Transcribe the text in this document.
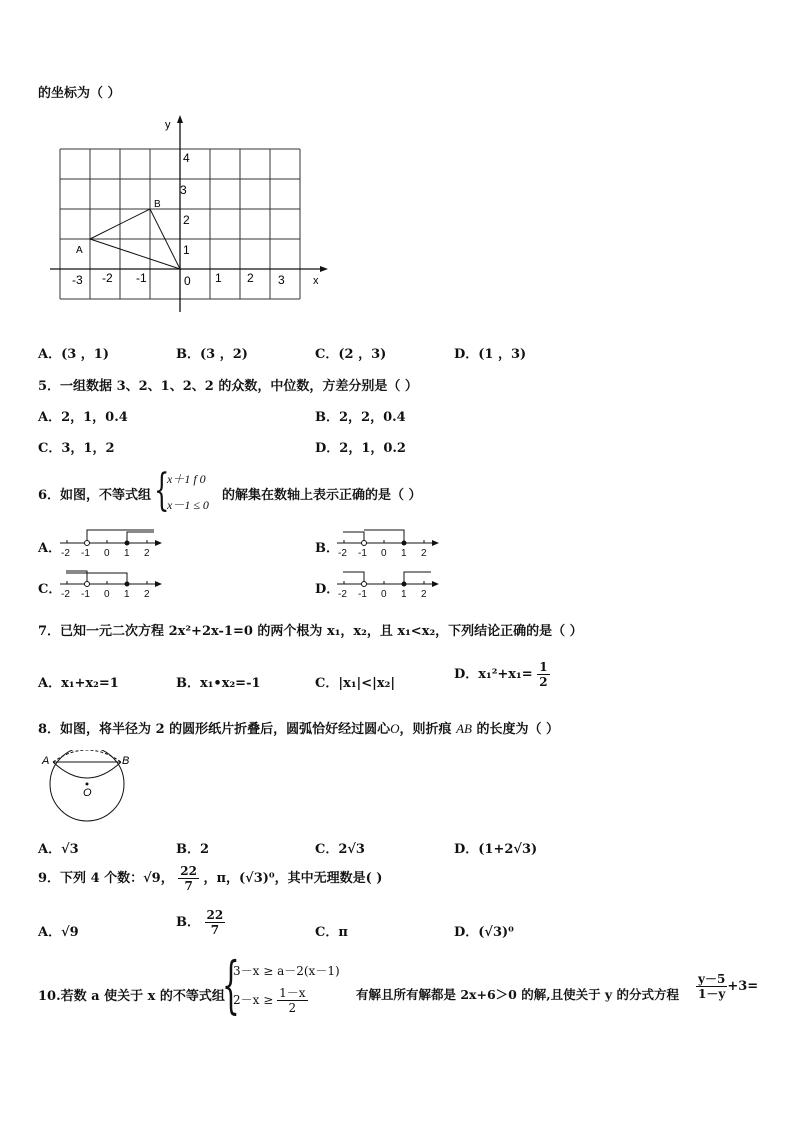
的坐标为（ ）
y
x
-3 -2 -1	0 1 2 3
1
2
3
4
A
B
A．(3 ，1)	B．(3 ，2)	C．(2 ，3)	D．(1 ，3)
5．一组数据 3、2、1、2、2 的众数，中位数，方差分别是（ ）
A．2，1，0.4	B．2，2，0.4
C．3，1，2	D．2，1，0.2
6．如图，不等式组 {
x＋1 f 0
x－1 ≤ 0
的解集在数轴上表示正确的是（ ）
A．	B．
C．	D．
-2 -1 0 1 2	-2 -1 0 1 2
-2 -1 0 1 2	-2 -1 0 1 2
7．已知一元二次方程 2x²+2x-1=0 的两个根为 x₁，x₂，且 x₁<x₂，下列结论正确的是（ ）
A．x₁+x₂=1	B．x₁•x₂=-1	C．|x₁|<|x₂|
D．$x_1^2+x_1= \frac{1}{2}$
8．如图，将半径为 2 的圆形纸片折叠后，圆弧恰好经过圆心O，则折痕 AB 的长度为（ ）
A	B
O
A．√3	B．2	C．2√3	D．(1+2√3)
9．下列 4 个数：√9， $\frac{22}{7}$ ，π，(√3)⁰，其中无理数是( )
A．√9
B． $\frac{22}{7}$	C．π	D．(√3)⁰
10.若数 a 使关于 x 的不等式组
{
3－x ≥ a－2(x－1)
$2-x \ge \frac{1-x}{2}$	有解且所有解都是 2x+6＞0 的解,且使关于 y 的分式方程 $\frac{y-5}{1-y} +3=$
